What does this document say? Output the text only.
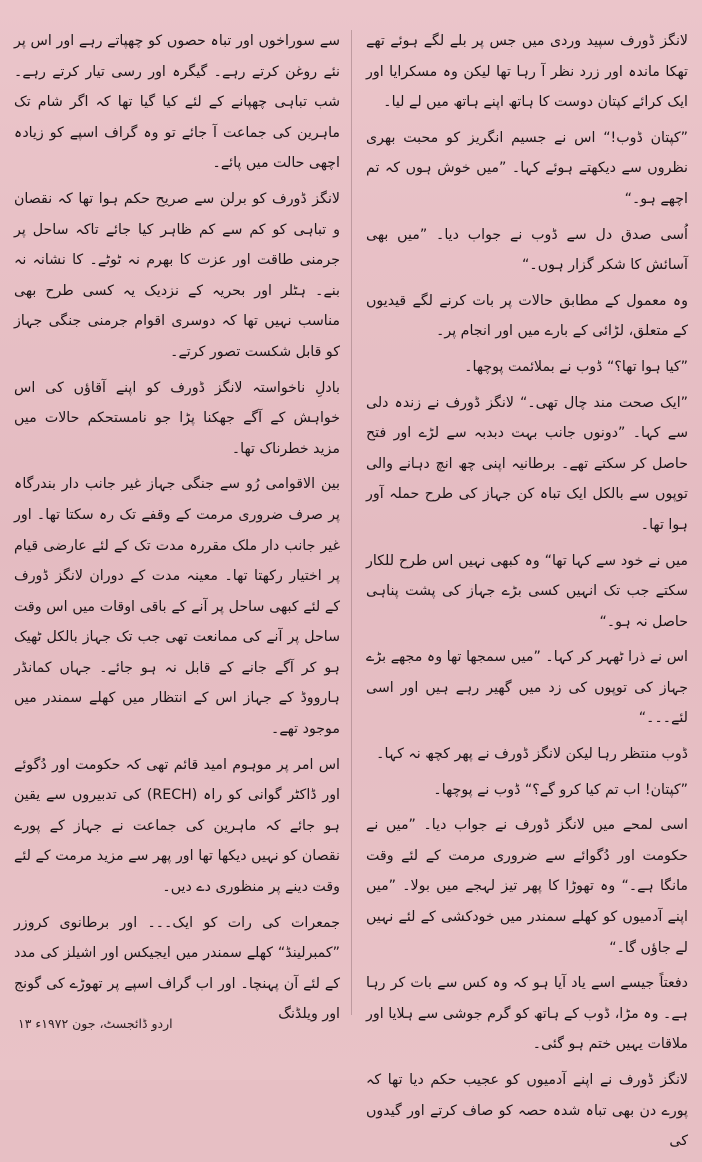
لانگز ڈورف سپید وردی میں جس پر بلے لگے ہوئے تھے تھکا ماندہ اور زرد نظر آ رہا تھا لیکن وہ مسکرایا اور ایک کرائے کپتان دوست کا ہاتھ اپنے ہاتھ میں لے لیا۔

”کپتان ڈوب!“ اس نے جسیم انگریز کو محبت بھری نظروں سے دیکھتے ہوئے کہا۔ ”میں خوش ہوں کہ تم اچھے ہو۔“

اُسی صدق دل سے ڈوب نے جواب دیا۔ ”میں بھی آسائش کا شکر گزار ہوں۔“

وہ معمول کے مطابق حالات پر بات کرنے لگے قیدیوں کے متعلق، لڑائی کے بارے میں اور انجام پر۔

”کیا ہوا تھا؟“ ڈوب نے بملائمت پوچھا۔

”ایک صحت مند چال تھی۔“ لانگز ڈورف نے زندہ دلی سے کہا۔ ”دونوں جانب بہت دبدبہ سے لڑے اور فتح حاصل کر سکتے تھے۔ برطانیہ اپنی چھ انچ دہانے والی توپوں سے بالکل ایک تباہ کن جہاز کی طرح حملہ آور ہوا تھا۔

میں نے خود سے کہا تھا“ وہ کبھی نہیں اس طرح للکار سکتے جب تک انہیں کسی بڑے جہاز کی پشت پناہی حاصل نہ ہو۔“

اس نے ذرا ٹھہر کر کہا۔ ”میں سمجھا تھا وہ مجھے بڑے جہاز کی توپوں کی زد میں گھیر رہے ہیں اور اسی لئے۔۔۔“

ڈوب منتظر رہا لیکن لانگز ڈورف نے پھر کچھ نہ کہا۔

”کپتان! اب تم کیا کرو گے؟“ ڈوب نے پوچھا۔

اسی لمحے میں لانگز ڈورف نے جواب دیا۔ ”میں نے حکومت اور دُگوائے سے ضروری مرمت کے لئے وقت مانگا ہے۔“ وہ تھوڑا کا پھر تیز لہجے میں بولا۔ ”میں اپنے آدمیوں کو کھلے سمندر میں خودکشی کے لئے نہیں لے جاؤں گا۔“

دفعتاً جیسے اسے یاد آیا ہو کہ وہ کس سے بات کر رہا ہے۔ وہ مڑا، ڈوب کے ہاتھ کو گرم جوشی سے ہلایا اور ملاقات یہیں ختم ہو گئی۔

لانگز ڈورف نے اپنے آدمیوں کو عجیب حکم دیا تھا کہ پورے دن بھی تباہ شدہ حصہ کو صاف کرتے اور گیدوں کی

سے سوراخوں اور تباہ حصوں کو چھپاتے رہے اور اس پر نئے روغن کرتے رہے۔ گیگرہ اور رسی تیار کرتے رہے۔ شب تباہی چھپانے کے لئے کیا گیا تھا کہ اگر شام تک ماہرین کی جماعت آ جائے تو وہ گراف اسپے کو زیادہ اچھی حالت میں پائے۔

لانگز ڈورف کو برلن سے صریح حکم ہوا تھا کہ نقصان و تباہی کو کم سے کم ظاہر کیا جائے تاکہ ساحل پر جرمنی طاقت اور عزت کا بھرم نہ ٹوٹے۔ کا نشانہ نہ بنے۔ ہٹلر اور بحریہ کے نزدیک یہ کسی طرح بھی مناسب نہیں تھا کہ دوسری اقوام جرمنی جنگی جہاز کو قابل شکست تصور کرتے۔

بادلِ ناخواستہ لانگز ڈورف کو اپنے آقاؤں کی اس خواہش کے آگے جھکنا پڑا جو نامستحکم حالات میں مزید خطرناک تھا۔

بین الاقوامی رُو سے جنگی جہاز غیر جانب دار بندرگاہ پر صرف ضروری مرمت کے وقفے تک رہ سکتا تھا۔ اور غیر جانب دار ملک مقررہ مدت تک کے لئے عارضی قیام پر اختیار رکھتا تھا۔ معینہ مدت کے دوران لانگز ڈورف کے لئے کبھی ساحل پر آنے کے باقی اوقات میں اس وقت ساحل پر آنے کی ممانعت تھی جب تک جہاز بالکل ٹھیک ہو کر آگے جانے کے قابل نہ ہو جائے۔ جہاں کمانڈر ہارووڈ کے جہاز اس کے انتظار میں کھلے سمندر میں موجود تھے۔

اس امر پر موہوم امید قائم تھی کہ حکومت اور دُگوئے اور ڈاکٹر گوانی کو راہ (RECH) کی تدبیروں سے یقین ہو جائے کہ ماہرین کی جماعت نے جہاز کے پورے نقصان کو نہیں دیکھا تھا اور پھر سے مزید مرمت کے لئے وقت دینے پر منظوری دے دیں۔

جمعرات کی رات کو ایک۔۔۔ اور برطانوی کروزر ”کمبرلینڈ“ کھلے سمندر میں ایجیکس اور اشیلز کی مدد کے لئے آن پہنچا۔ اور اب گراف اسپے پر تھوڑے کی گونج اور ویلڈنگ

اردو ڈائجسٹ، جون ۱۹۷۲ء ۱۳
